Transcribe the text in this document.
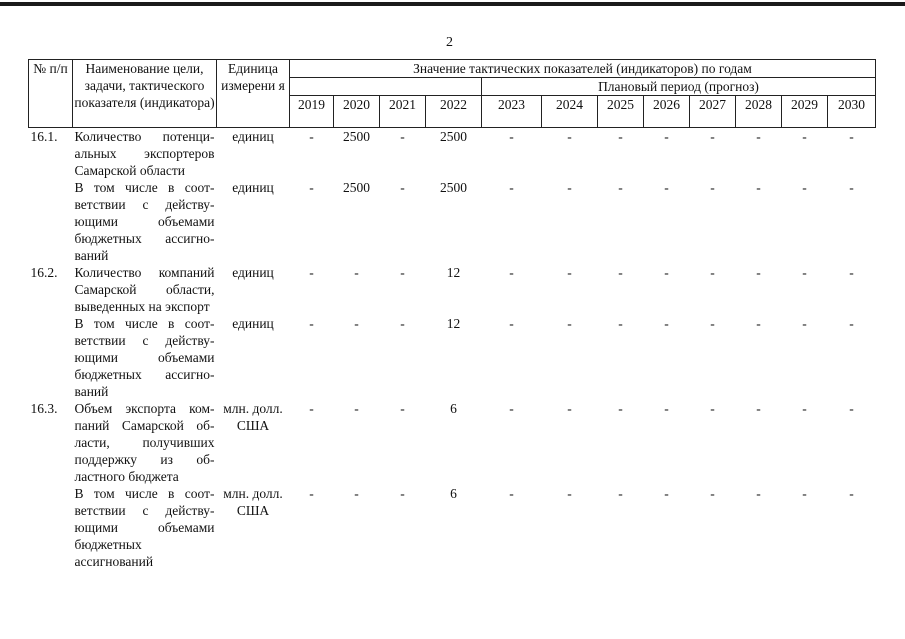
2
№ п/п	Наименование цели, задачи, тактического показателя (индикатора)	Единица измерени я	Значение тактических показателей (индикаторов) по годам											
							Плановый период (прогноз)							
			2019	2020	2021	2022	2023	2024	2025	2026	2027	2028	2029	2030
16.1.	Количество потенциальных экспортеров Самарской области	единиц	-	2500	-	2500	-	-	-	-	-	-	-	-
	В том числе в соответствии с действующими объемами бюджетных ассигнований	единиц	-	2500	-	2500	-	-	-	-	-	-	-	-
16.2.	Количество компаний Самарской области, выведенных на экспорт	единиц	-	-	-	12	-	-	-	-	-	-	-	-
	В том числе в соответствии с действующими объемами бюджетных ассигнований	единиц	-	-	-	12	-	-	-	-	-	-	-	-
16.3.	Объем экспорта компаний Самарской области, получивших поддержку из областного бюджета	млн. долл. США	-	-	-	6	-	-	-	-	-	-	-	-
	В том числе в соответствии с действующими объемами бюджетных ассигнований	млн. долл. США	-	-	-	6	-	-	-	-	-	-	-	-
